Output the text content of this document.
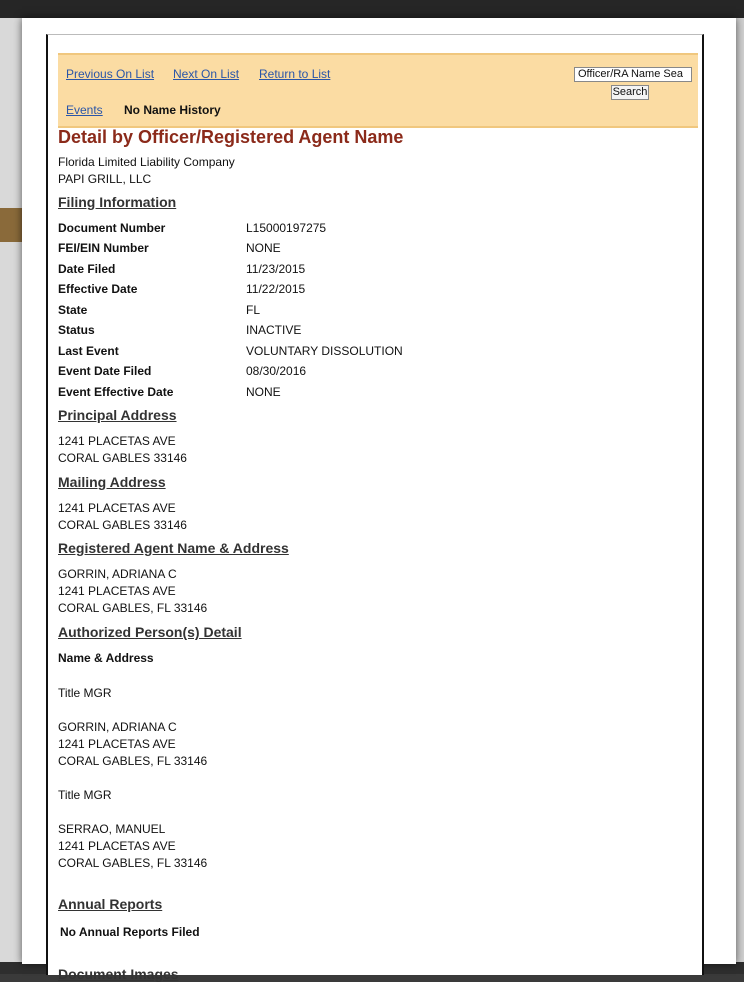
Previous On List Next On List Return to List
Events No Name History
Officer/RA Name Sea
Search
Detail by Officer/Registered Agent Name
Florida Limited Liability Company
PAPI GRILL, LLC
Filing Information
Document Number	L15000197275
FEI/EIN Number	NONE
Date Filed	11/23/2015
Effective Date	11/22/2015
State	FL
Status	INACTIVE
Last Event	VOLUNTARY DISSOLUTION
Event Date Filed	08/30/2016
Event Effective Date	NONE
Principal Address
1241 PLACETAS AVE
CORAL GABLES 33146
Mailing Address
1241 PLACETAS AVE
CORAL GABLES 33146
Registered Agent Name & Address
GORRIN, ADRIANA C
1241 PLACETAS AVE
CORAL GABLES, FL 33146
Authorized Person(s) Detail
Name & Address
Title MGR
GORRIN, ADRIANA C
1241 PLACETAS AVE
CORAL GABLES, FL 33146
Title MGR
SERRAO, MANUEL
1241 PLACETAS AVE
CORAL GABLES, FL 33146
Annual Reports
No Annual Reports Filed
Document Images
